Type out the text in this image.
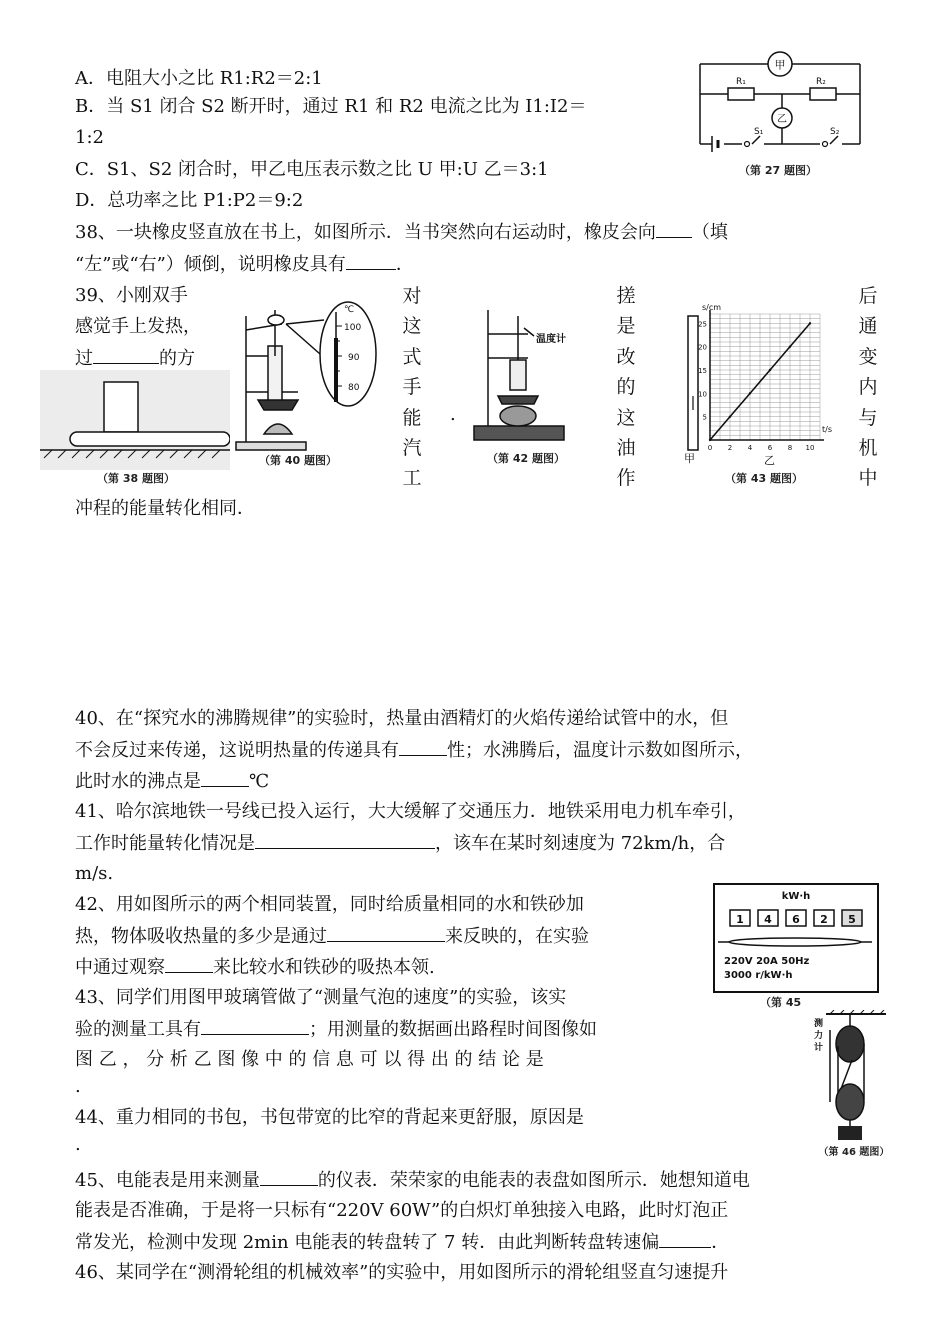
A．电阻大小之比 R1:R2＝2:1
B．当 S1 闭合 S2 断开时，通过 R1 和 R2 电流之比为 I1:I2＝
1:2
C．S1、S2 闭合时，甲乙电压表示数之比 U 甲:U 乙＝3:1
D．总功率之比 P1:P2＝9:2
甲
乙
R₁	R₂
S₁	S₂
（第 27 题图）
38、一块橡皮竖直放在书上，如图所示．当书突然向右运动时，橡皮会向 （填
“左”或“右”）倾倒，说明橡皮具有	．
39、小刚双手
感觉手上发热，
过	的方
对
这
式
手
能
汽
工
搓
是
改
的
这
油
作
后
通
变
内
与
机
中
.
冲程的能量转化相同．
（第 38 题图）
℃
100
90
80
（第 40 题图）
温度计
（第 42 题图）	甲
0 2 4 6 8 10
5
10
15
20
25
s/cm
t/s
乙
（第 43 题图）
40、在“探究水的沸腾规律”的实验时，热量由酒精灯的火焰传递给试管中的水，但
不会反过来传递，这说明热量的传递具有	性；水沸腾后，温度计示数如图所示，
此时水的沸点是	℃
41、哈尔滨地铁一号线已投入运行，大大缓解了交通压力．地铁采用电力机车牵引，
工作时能量转化情况是	，该车在某时刻速度为 72km/h，合
m/s.
42、用如图所示的两个相同装置，同时给质量相同的水和铁砂加
热，物体吸收热量的多少是通过	来反映的，在实验
中通过观察	来比较水和铁砂的吸热本领.
43、同学们用图甲玻璃管做了“测量气泡的速度”的实验，该实
验的测量工具有	；用测量的数据画出路程时间图像如
图 乙 ， 分 析 乙 图 像 中 的 信 息 可 以 得 出 的 结 论 是
.
44、重力相同的书包，书包带宽的比窄的背起来更舒服，原因是
.
kW·h
1 4 6 2 5
220V 20A 50Hz
3000 r/kW·h
（第 45
测
力
计
（第 46 题图）
45、电能表是用来测量	的仪表．荣荣家的电能表的表盘如图所示．她想知道电
能表是否准确，于是将一只标有“220V 60W”的白炽灯单独接入电路，此时灯泡正
常发光，检测中发现 2min 电能表的转盘转了 7 转．由此判断转盘转速偏	．
46、某同学在“测滑轮组的机械效率”的实验中，用如图所示的滑轮组竖直匀速提升
